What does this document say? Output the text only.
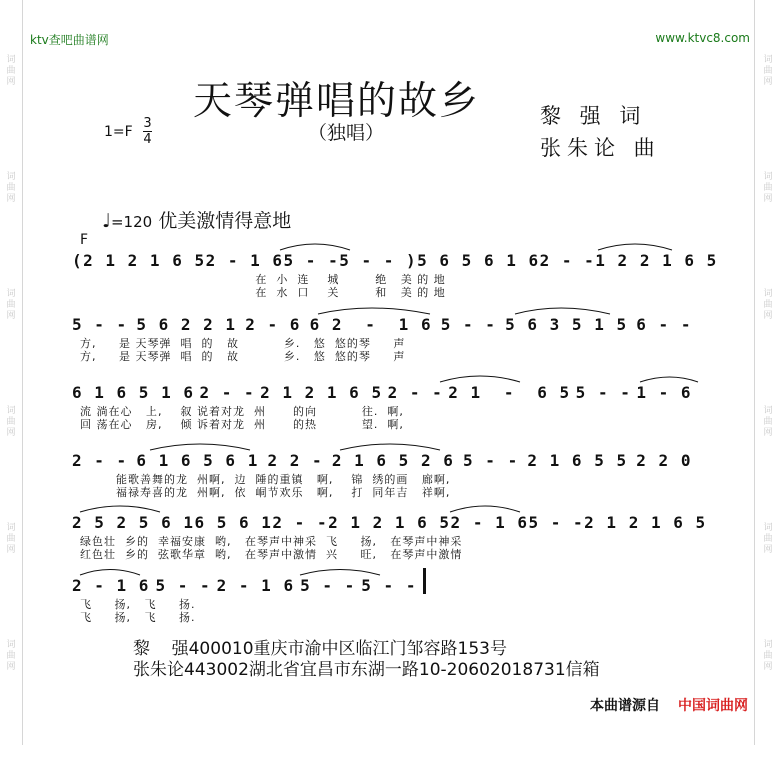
词
曲
网
词
曲
网
词
曲
网
词
曲
网
词
曲
网
词
曲
网
词
曲
网
词
曲
网
词
曲
网
词
曲
网
词
曲
网
词
曲
网
ktv查吧曲谱网	www.ktvc8.com
天琴弹唱的故乡
（独唱）
1=F
3
4
黎 强 词
张朱论 曲
♩=120 优美激情得意地
F
(2 1 2 1 6 5 2 - 1 6 5 - - 5 - - ) 5 6 5 6 1 6 2 - - 1 2 2 1 6 5
在  小  连    城        绝   美 的 地
在  水  口    关        和   美 的 地
5 - - 5 6 2 2 1 2 - 6 6 2  -  1 6 5 - - 5 6 3 5 1 5 6 - -
方,     是 天琴弹  唱  的   故          乡.   悠  悠的琴     声
方,     是 天琴弹  唱  的   故          乡.   悠  悠的琴     声
6 1 6 5 1 6 2 - - 2 1 2 1 6 5 2 - - 2 1  -  6 5 5 - - 1 - 6
流 淌在心   上,    叙 说着对龙  州      的向          往.  啊,
回 荡在心   房,    倾 诉着对龙  州      的热          望.  啊,
2 - - 6 1 6 5 6 1 2 2 - 2 1 6 5 2 6 5 - - 2 1 6 5 5 2 2 0
能歌善舞的龙  州啊,  边  陲的重镇   啊,    锦  绣的画   廊啊,
福禄寿喜的龙  州啊,  依  峒节欢乐   啊,    打  同年吉   祥啊,
2 5 2 5 6 1 6 5 6 1 2 - - 2 1 2 1 6 5 2 - 1 6 5 - - 2 1 2 1 6 5
绿色壮  乡的  幸福安康  哟,   在琴声中神采  飞     扬,   在琴声中神采
红色壮  乡的  弦歌华章  哟,   在琴声中激情  兴     旺,   在琴声中激情
2 - 1 6 5 - - 2 - 1 6 5 - - 5 - -
飞     扬,   飞     扬.
飞     扬,   飞     扬.
黎    强400010重庆市渝中区临江门邹容路153号
张朱论443002湖北省宜昌市东湖一路10-20602018731信箱
本曲谱源自 中国词曲网
